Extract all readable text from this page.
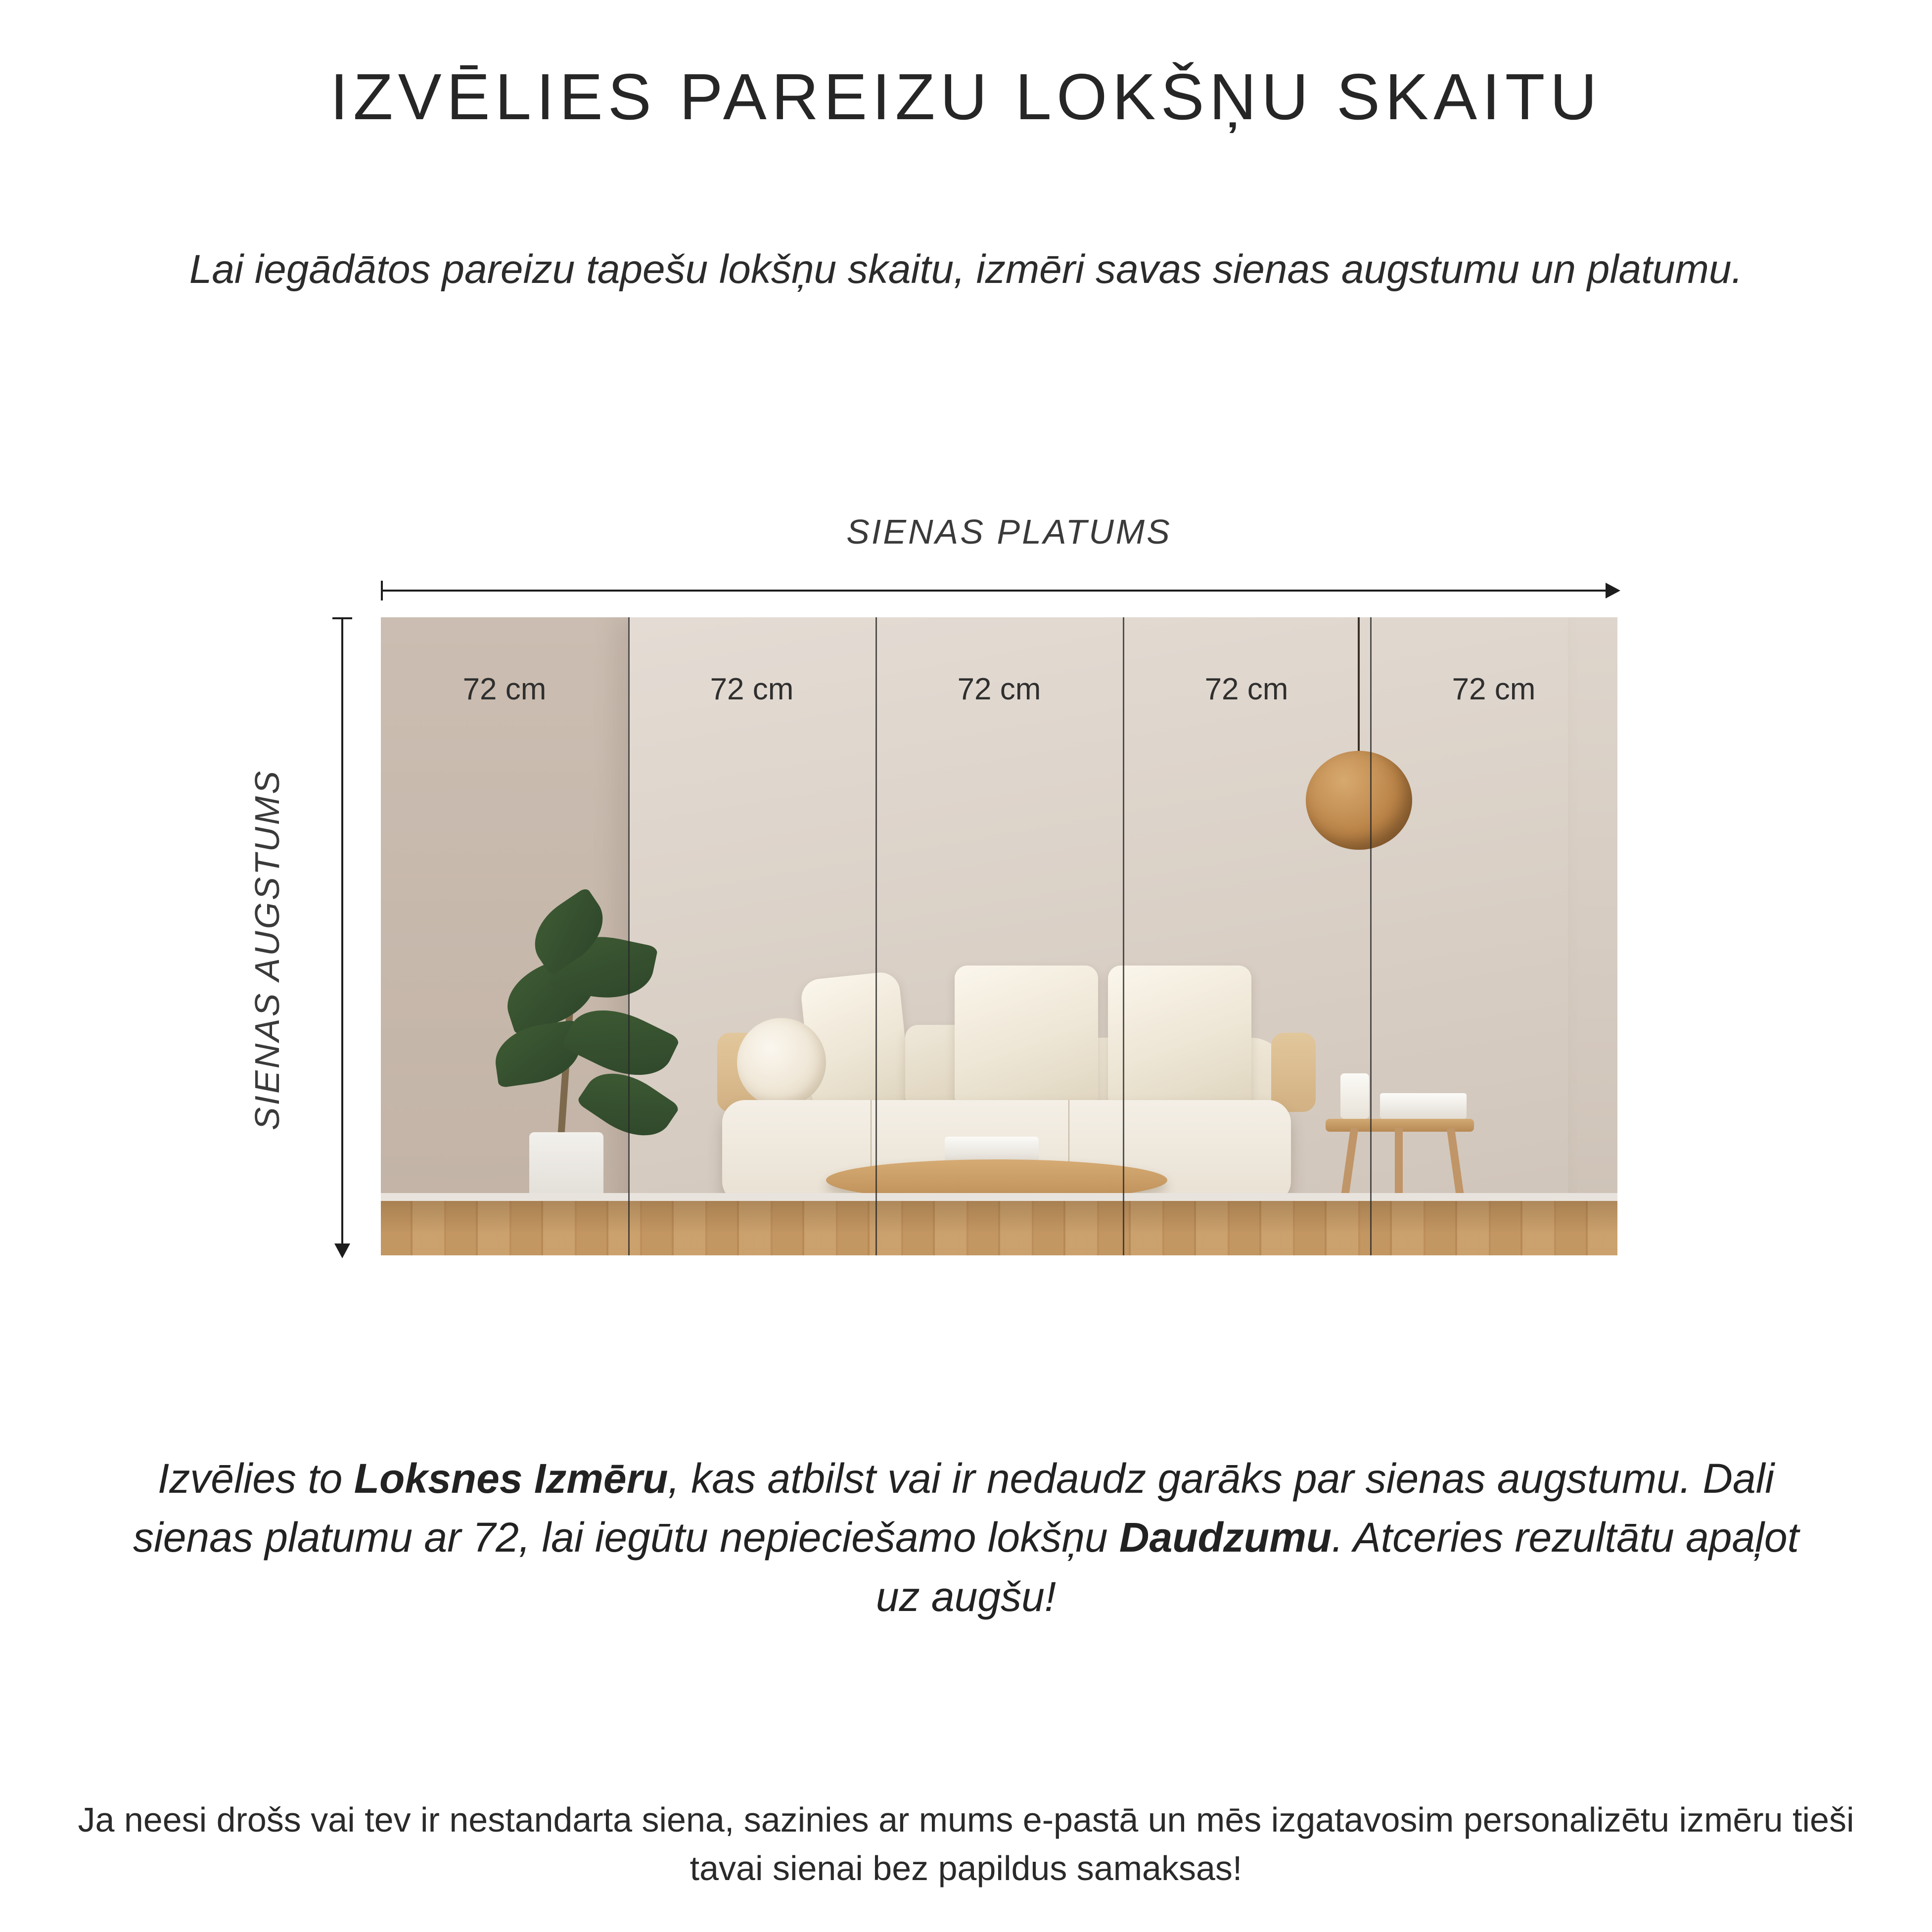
IZVĒLIES PAREIZU LOKŠŅU SKAITU
Lai iegādātos pareizu tapešu lokšņu skaitu, izmēri savas sienas augstumu un platumu.
SIENAS PLATUMS
SIENAS AUGSTUMS
72 cm	72 cm	72 cm	72 cm	72 cm
Izvēlies to Loksnes Izmēru, kas atbilst vai ir nedaudz garāks par sienas augstumu. Dali sienas platumu ar 72, lai iegūtu nepieciešamo lokšņu Daudzumu. Atceries rezultātu apaļot uz augšu!
Ja neesi drošs vai tev ir nestandarta siena, sazinies ar mums e-pastā un mēs izgatavosim personalizētu izmēru tieši tavai sienai bez papildus samaksas!
